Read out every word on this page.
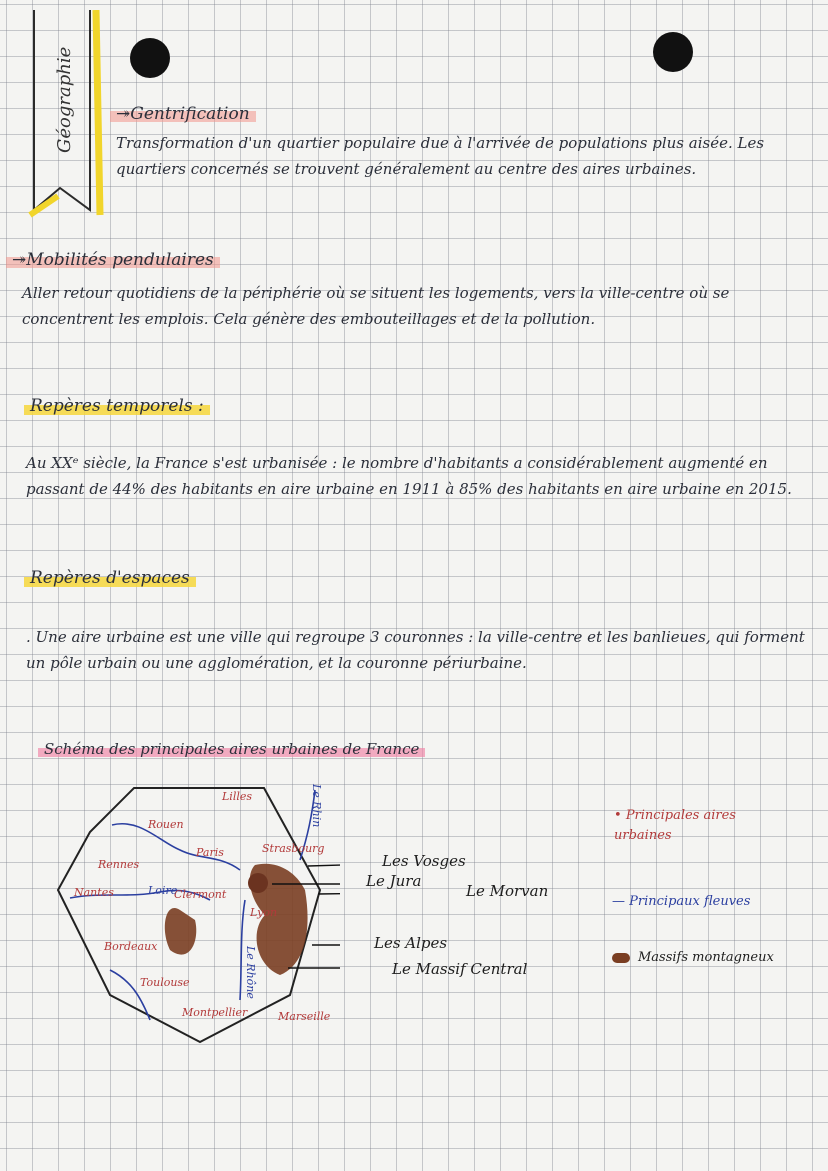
Géographie	↠Gentrification
Transformation d'un quartier populaire due à l'arrivée de populations plus aisée. Les quartiers concernés se trouvent généralement au centre des aires urbaines.
↠Mobilités pendulaires
Aller retour quotidiens de la périphérie où se situent les logements, vers la ville-centre où se concentrent les emplois. Cela génère des embouteillages et de la pollution.
Repères temporels :
Au XXᵉ siècle, la France s'est urbanisée : le nombre d'habitants a considérablement augmenté en passant de 44% des habitants en aire urbaine en 1911 à 85% des habitants en aire urbaine en 2015.
Repères d'espaces
. Une aire urbaine est une ville qui regroupe 3 couronnes : la ville-centre et les banlieues, qui forment un pôle urbain ou une agglomération, et la couronne périurbaine.
Schéma des principales aires urbaines de France
Lilles
Rouen
Paris	Strasbourg
Rennes
Nantes	Clermont
Lyon
Bordeaux
Toulouse
Montpellier	Marseille
Le Rhin
Loire
Le Rhône
Les Vosges
Le Jura
Le Morvan
Les Alpes
Le Massif Central
• Principales aires urbaines
— Principaux fleuves
Massifs montagneux
